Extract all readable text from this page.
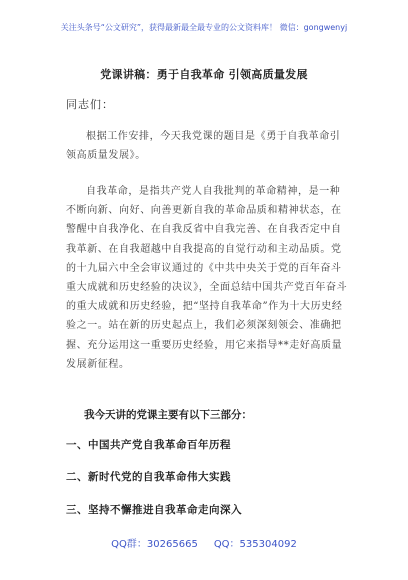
关注头条号“公文研究”，获得最新最全最专业的公文资料库！ 微信：gongwenyj
党课讲稿：勇于自我革命 引领高质量发展
同志们：

根据工作安排，今天我党课的题目是《勇于自我革命引领高质量发展》。

自我革命，是指共产党人自我批判的革命精神，是一种不断向新、向好、向善更新自我的革命品质和精神状态，在警醒中自我净化、在自我反省中自我完善、在自我否定中自我革新、在自我超越中自我提高的自觉行动和主动品质。党的十九届六中全会审议通过的《中共中央关于党的百年奋斗重大成就和历史经验的决议》，全面总结中国共产党百年奋斗的重大成就和历史经验，把“坚持自我革命”作为十大历史经验之一。站在新的历史起点上，我们必须深刻领会、准确把握、充分运用这一重要历史经验，用它来指导**走好高质量发展新征程。

我今天讲的党课主要有以下三部分：
一、中国共产党自我革命百年历程
二、新时代党的自我革命伟大实践
三、坚持不懈推进自我革命走向深入
QQ群：30265665 QQ：535304092
